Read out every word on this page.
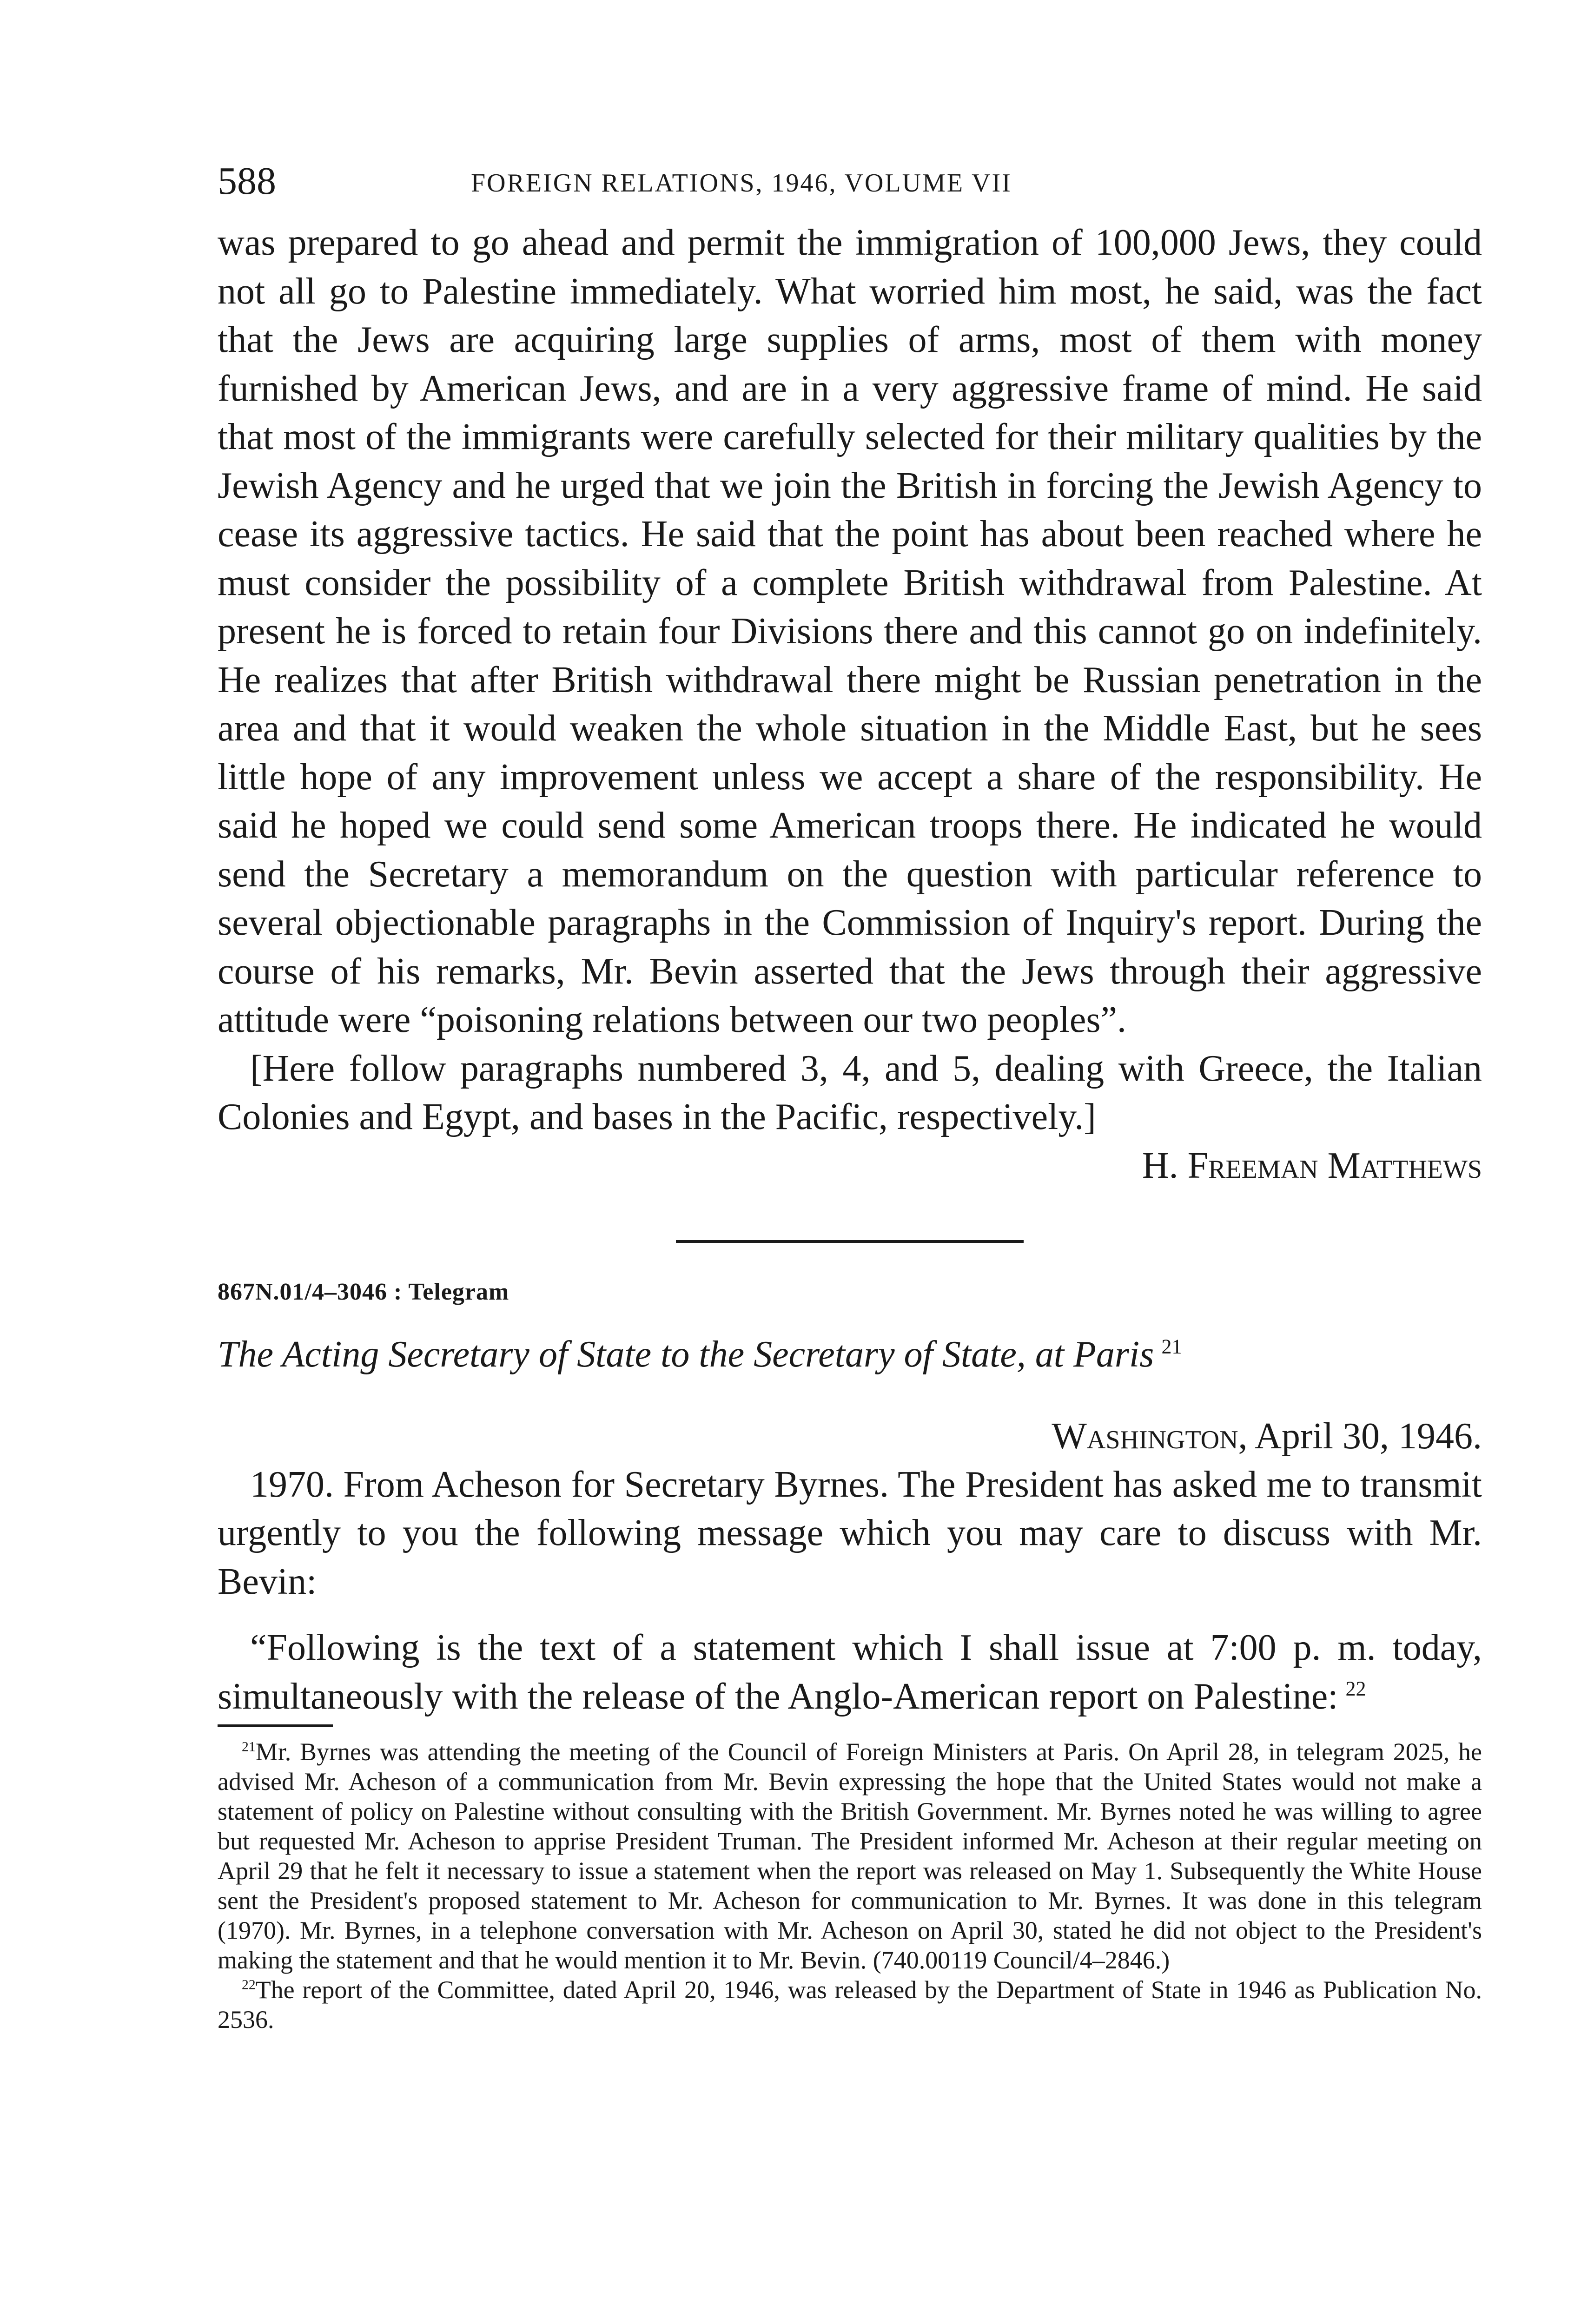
588	FOREIGN RELATIONS, 1946, VOLUME VII

was prepared to go ahead and permit the immigration of 100,000 Jews, they could not all go to Palestine immediately. What worried him most, he said, was the fact that the Jews are acquiring large supplies of arms, most of them with money furnished by American Jews, and are in a very aggressive frame of mind. He said that most of the immigrants were carefully selected for their military qualities by the Jewish Agency and he urged that we join the British in forcing the Jewish Agency to cease its aggressive tactics. He said that the point has about been reached where he must consider the possibility of a complete British withdrawal from Palestine. At present he is forced to retain four Divisions there and this cannot go on indefinitely. He realizes that after British withdrawal there might be Russian penetration in the area and that it would weaken the whole situation in the Middle East, but he sees little hope of any improvement unless we accept a share of the responsibility. He said he hoped we could send some American troops there. He indicated he would send the Secretary a memorandum on the question with particular reference to several objectionable paragraphs in the Commission of Inquiry's report. During the course of his remarks, Mr. Bevin asserted that the Jews through their aggressive attitude were “poisoning relations between our two peoples”.

[Here follow paragraphs numbered 3, 4, and 5, dealing with Greece, the Italian Colonies and Egypt, and bases in the Pacific, respectively.]

H. Freeman Matthews

867N.01/4–3046 : Telegram

The Acting Secretary of State to the Secretary of State, at Paris  $^{21}$

Washington, April 30, 1946.

1970. From Acheson for Secretary Byrnes. The President has asked me to transmit urgently to you the following message which you may care to discuss with Mr. Bevin:

“Following is the text of a statement which I shall issue at 7:00 p. m. today, simultaneously with the release of the Anglo-American report on Palestine:  $^{22}$

$^{21}$Mr. Byrnes was attending the meeting of the Council of Foreign Ministers at Paris. On April 28, in telegram 2025, he advised Mr. Acheson of a communication from Mr. Bevin expressing the hope that the United States would not make a statement of policy on Palestine without consulting with the British Government. Mr. Byrnes noted he was willing to agree but requested Mr. Acheson to apprise President Truman. The President informed Mr. Acheson at their regular meeting on April 29 that he felt it necessary to issue a statement when the report was released on May 1. Subsequently the White House sent the President's proposed statement to Mr. Acheson for communication to Mr. Byrnes. It was done in this telegram (1970). Mr. Byrnes, in a telephone conversation with Mr. Acheson on April 30, stated he did not object to the President's making the statement and that he would mention it to Mr. Bevin. (740.00119 Council/4–2846.)

$^{22}$The report of the Committee, dated April 20, 1946, was released by the Department of State in 1946 as Publication No. 2536.
